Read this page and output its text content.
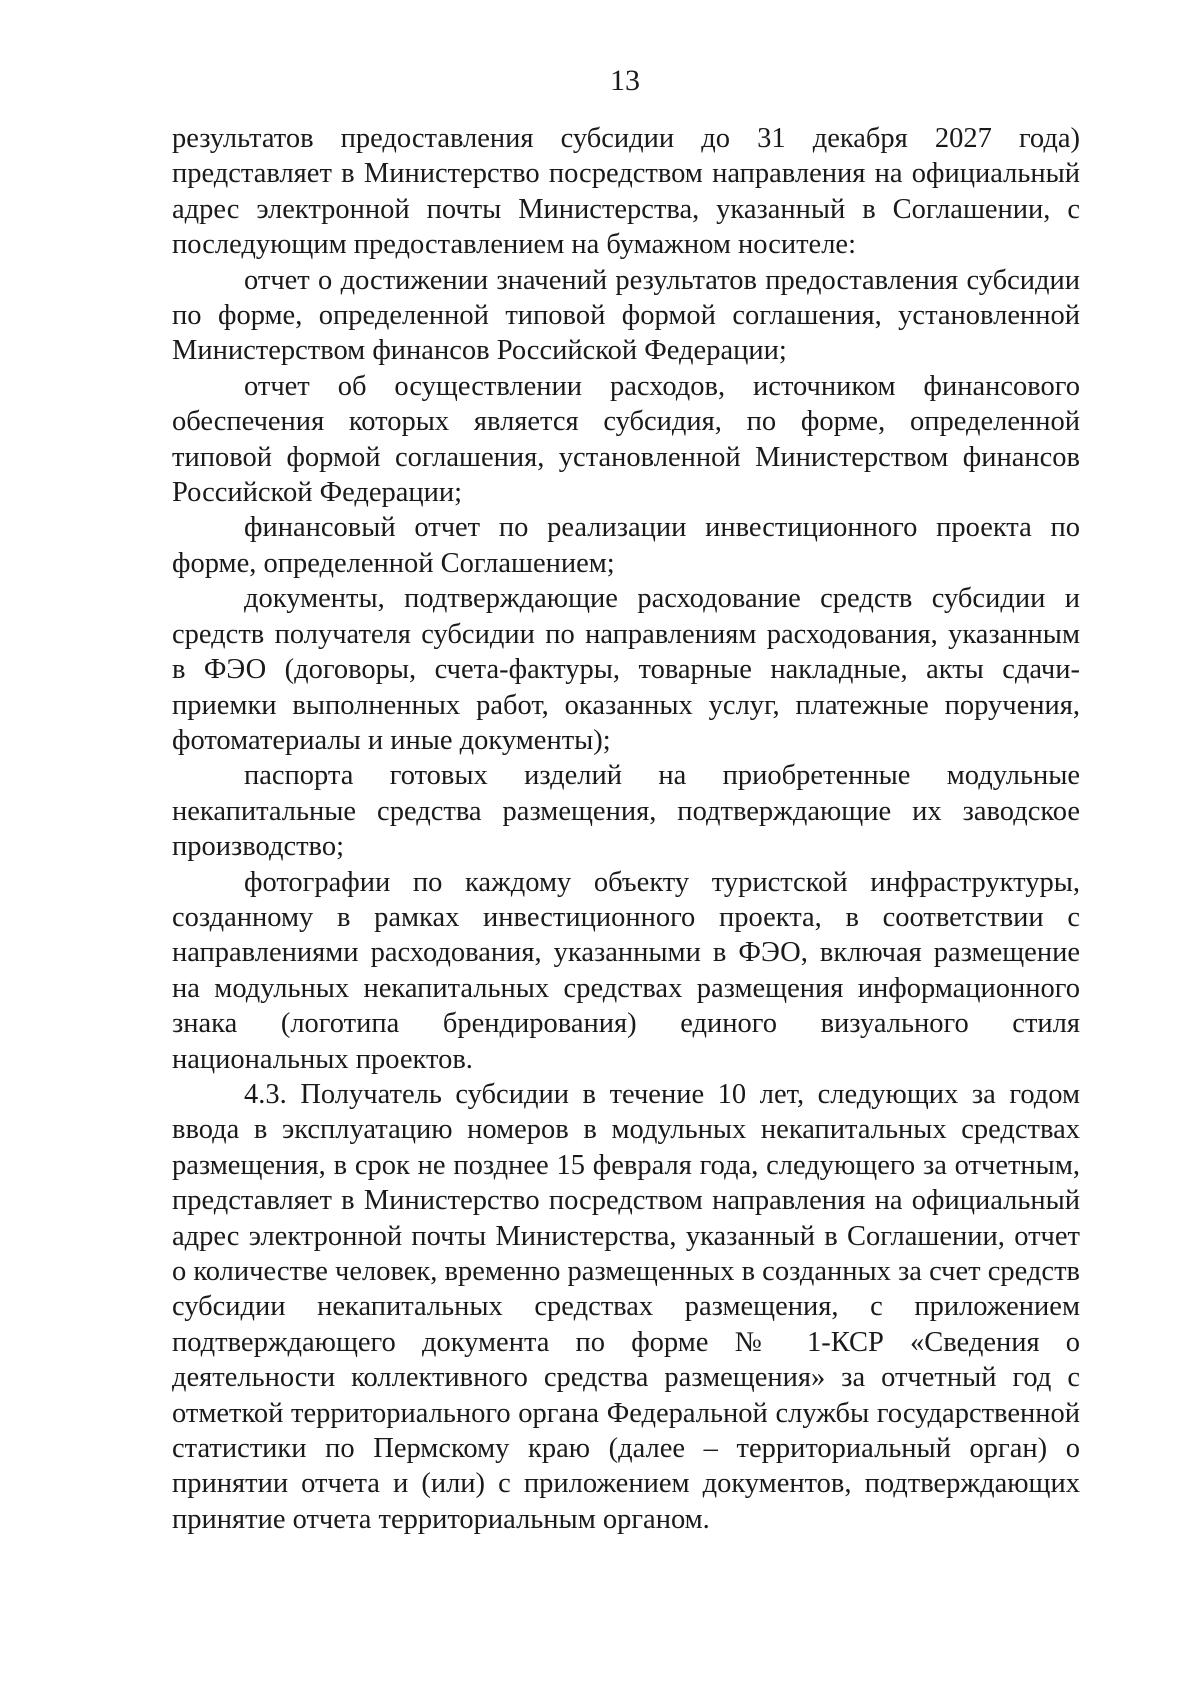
13

результатов предоставления субсидии до 31 декабря 2027 года) представляет в Министерство посредством направления на официальный адрес электронной почты Министерства, указанный в Соглашении, с последующим предоставлением на бумажном носителе:

отчет о достижении значений результатов предоставления субсидии по форме, определенной типовой формой соглашения, установленной Министерством финансов Российской Федерации;

отчет об осуществлении расходов, источником финансового обеспечения которых является субсидия, по форме, определенной типовой формой соглашения, установленной Министерством финансов Российской Федерации;

финансовый отчет по реализации инвестиционного проекта по форме, определенной Соглашением;

документы, подтверждающие расходование средств субсидии и средств получателя субсидии по направлениям расходования, указанным в ФЭО (договоры, счета-фактуры, товарные накладные, акты сдачи-приемки выполненных работ, оказанных услуг, платежные поручения, фотоматериалы и иные документы);

паспорта готовых изделий на приобретенные модульные некапитальные средства размещения, подтверждающие их заводское производство;

фотографии по каждому объекту туристской инфраструктуры, созданному в рамках инвестиционного проекта, в соответствии с направлениями расходования, указанными в ФЭО, включая размещение на модульных некапитальных средствах размещения информационного знака (логотипа брендирования) единого визуального стиля национальных проектов.

4.3. Получатель субсидии в течение 10 лет, следующих за годом ввода в эксплуатацию номеров в модульных некапитальных средствах размещения, в срок не позднее 15 февраля года, следующего за отчетным, представляет в Министерство посредством направления на официальный адрес электронной почты Министерства, указанный в Соглашении, отчет о количестве человек, временно размещенных в созданных за счет средств субсидии некапитальных средствах размещения, с приложением подтверждающего документа по форме № 1-КСР «Сведения о деятельности коллективного средства размещения» за отчетный год с отметкой территориального органа Федеральной службы государственной статистики по Пермскому краю (далее – территориальный орган) о принятии отчета и (или) с приложением документов, подтверждающих принятие отчета территориальным органом.
